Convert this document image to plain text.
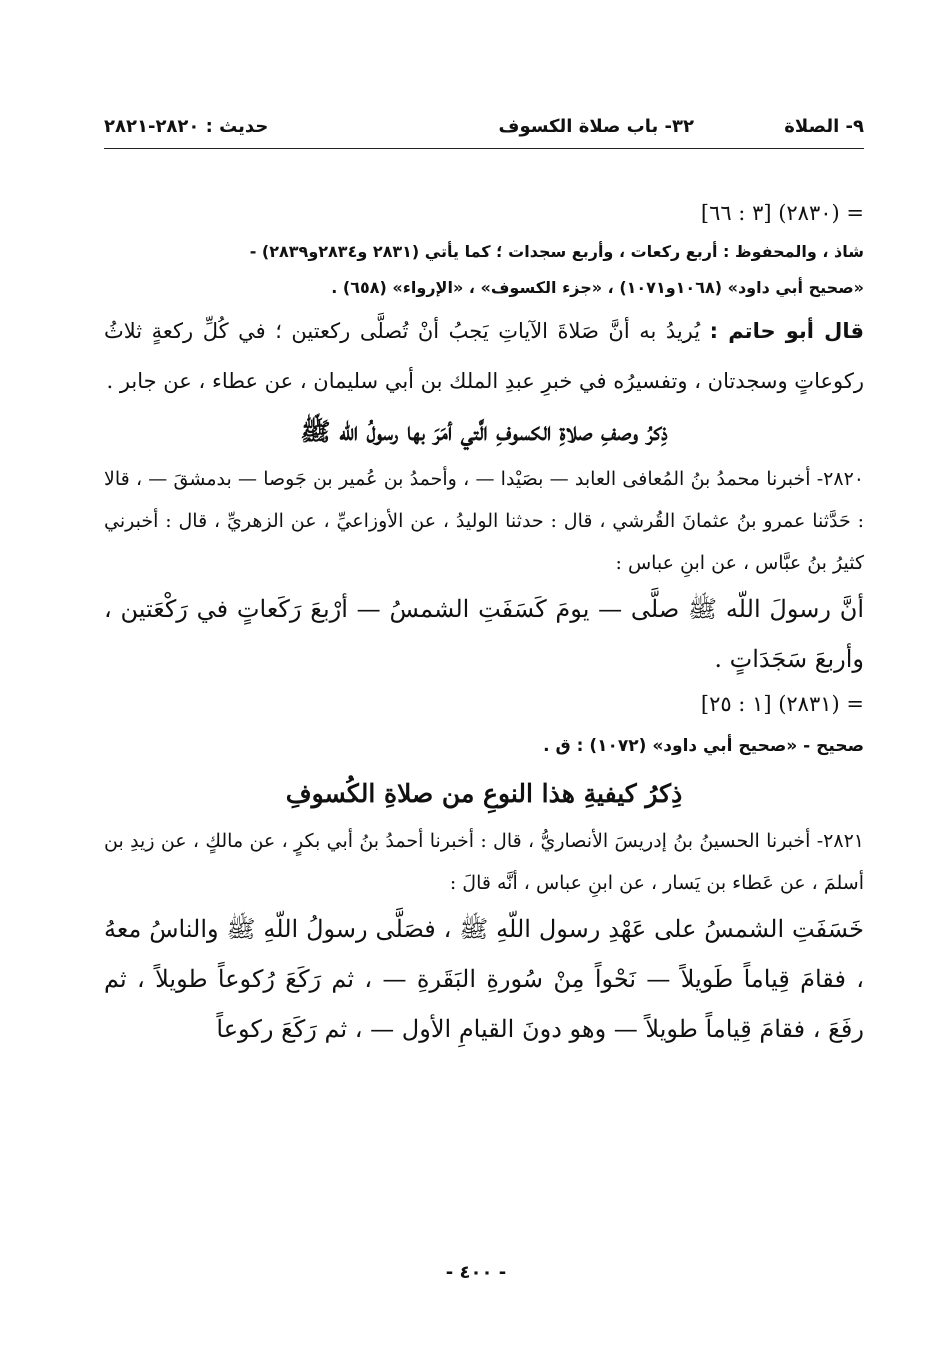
٩- الصلاة
٣٢- باب صلاة الكسوف
حديث : ٢٨٢٠-٢٨٢١

= (٢٨٣٠) [٣ : ٦٦]

شاذ ، والمحفوظ : أربع ركعات ، وأربع سجدات ؛ كما يأتي (٢٨٣١ و٢٨٣٤و٢٨٣٩) -
«صحيح أبي داود» (١٠٦٨و١٠٧١) ، «جزء الكسوف» ، «الإرواء» (٦٥٨) .

قال أبو حاتم : يُريدُ به أنَّ صَلاةَ الآياتِ يَجبُ أنْ تُصلَّى ركعتين ؛ في كُلِّ ركعةٍ ثلاثُ ركوعاتٍ وسجدتان ، وتفسيرُه في خبرِ عبدِ الملك بن أبي سليمان ، عن عطاء ، عن جابر .

ذِكرُ وصفِ صلاةِ الكسوفِ الَّتي أمَرَ بها رسولُ اللّه ﷺ

٢٨٢٠- أخبرنا محمدُ بنُ المُعافى العابد — بصَيْدا — ، وأحمدُ بن عُمير بن جَوصا — بدمشقَ — ، قالا : حَدَّثنا عمرو بنُ عثمانَ القُرشي ، قال : حدثنا الوليدُ ، عن الأوزاعيِّ ، عن الزهريِّ ، قال : أخبرني كثيرُ بنُ عبَّاس ، عن ابنِ عباس :

أنَّ رسولَ اللّه ﷺ صلَّى — يومَ كَسَفَتِ الشمسُ — أرْبعَ رَكَعاتٍ في رَكْعَتين ، وأربعَ سَجَدَاتٍ .

= (٢٨٣١) [١ : ٢٥]

صحيح - «صحيح أبي داود» (١٠٧٢) : ق .

ذِكرُ كيفيةِ هذا النوعِ من صلاةِ الكُسوفِ

٢٨٢١- أخبرنا الحسينُ بنُ إدريسَ الأنصاريُّ ، قال : أخبرنا أحمدُ بنُ أبي بكرٍ ، عن مالكٍ ، عن زيدِ بن أسلمَ ، عن عَطاء بن يَسار ، عن ابنِ عباس ، أنَّه قالَ :

خَسَفَتِ الشمسُ على عَهْدِ رسول اللّهِ ﷺ ، فصَلَّى رسولُ اللّهِ ﷺ والناسُ معهُ ، فقامَ قِياماً طَويلاً — نَحْواً مِنْ سُورةِ البَقَرةِ — ، ثم رَكَعَ رُكوعاً طويلاً ، ثم رفَعَ ، فقامَ قِياماً طويلاً — وهو دونَ القيامِ الأول — ، ثم رَكَعَ ركوعاً

- ٤٠٠ -
